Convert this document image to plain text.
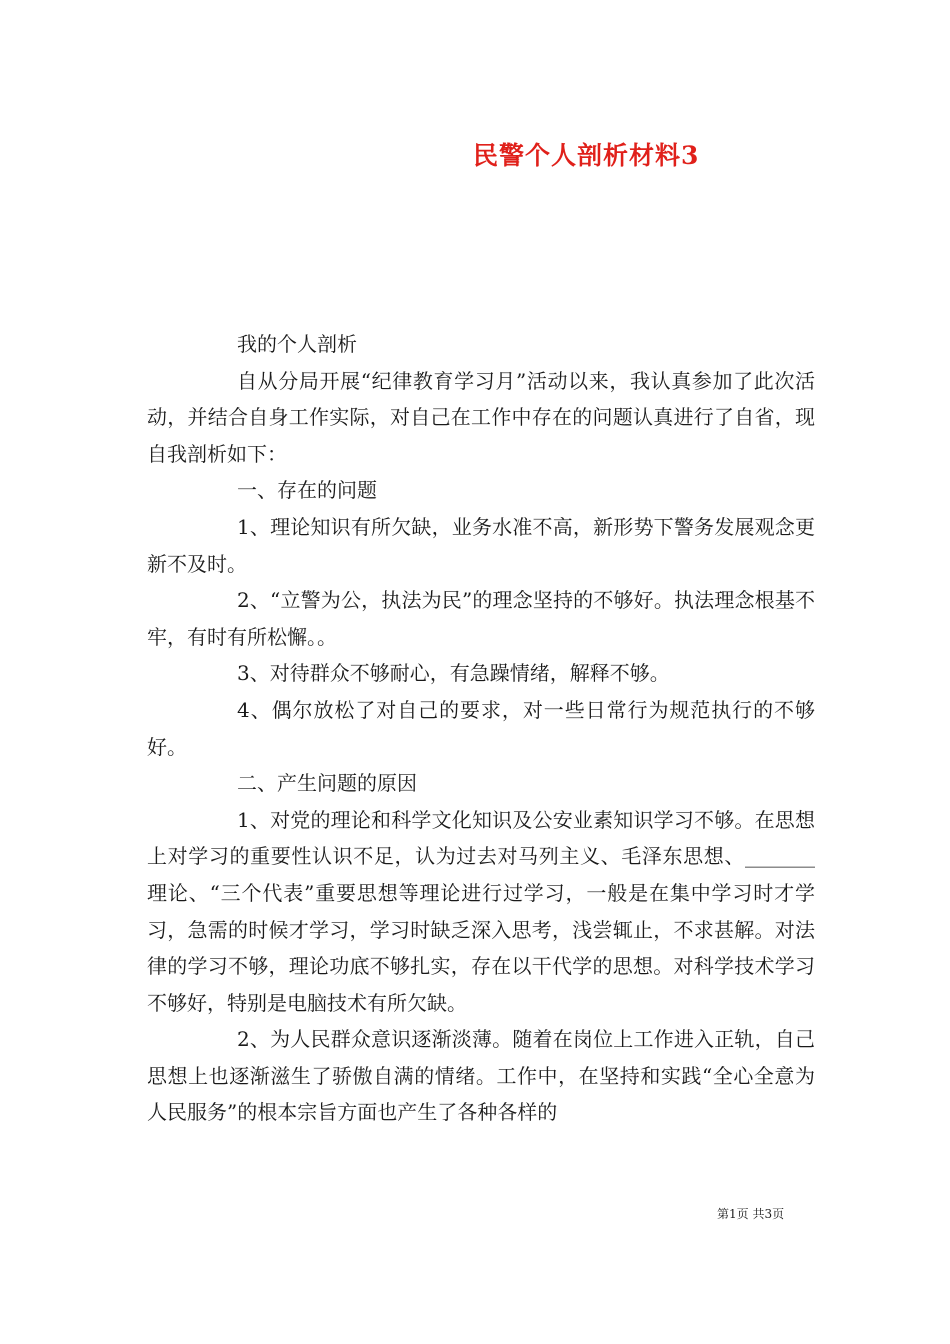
民警个人剖析材料3

我的个人剖析

自从分局开展“纪律教育学习月”活动以来，我认真参加了此次活动，并结合自身工作实际，对自己在工作中存在的问题认真进行了自省，现自我剖析如下：

一、存在的问题

1、理论知识有所欠缺，业务水准不高，新形势下警务发展观念更新不及时。

2、“立警为公，执法为民”的理念坚持的不够好。执法理念根基不牢，有时有所松懈。。

3、对待群众不够耐心，有急躁情绪，解释不够。

4、偶尔放松了对自己的要求，对一些日常行为规范执行的不够好。

二、产生问题的原因

1、对党的理论和科学文化知识及公安业素知识学习不够。在思想上对学习的重要性认识不足，认为过去对马列主义、毛泽东思想、_______理论、“三个代表”重要思想等理论进行过学习，一般是在集中学习时才学习，急需的时候才学习，学习时缺乏深入思考，浅尝辄止，不求甚解。对法律的学习不够，理论功底不够扎实，存在以干代学的思想。对科学技术学习不够好，特别是电脑技术有所欠缺。

2、为人民群众意识逐渐淡薄。随着在岗位上工作进入正轨，自己思想上也逐渐滋生了骄傲自满的情绪。工作中，在坚持和实践“全心全意为人民服务”的根本宗旨方面也产生了各种各样的

第1页 共3页
